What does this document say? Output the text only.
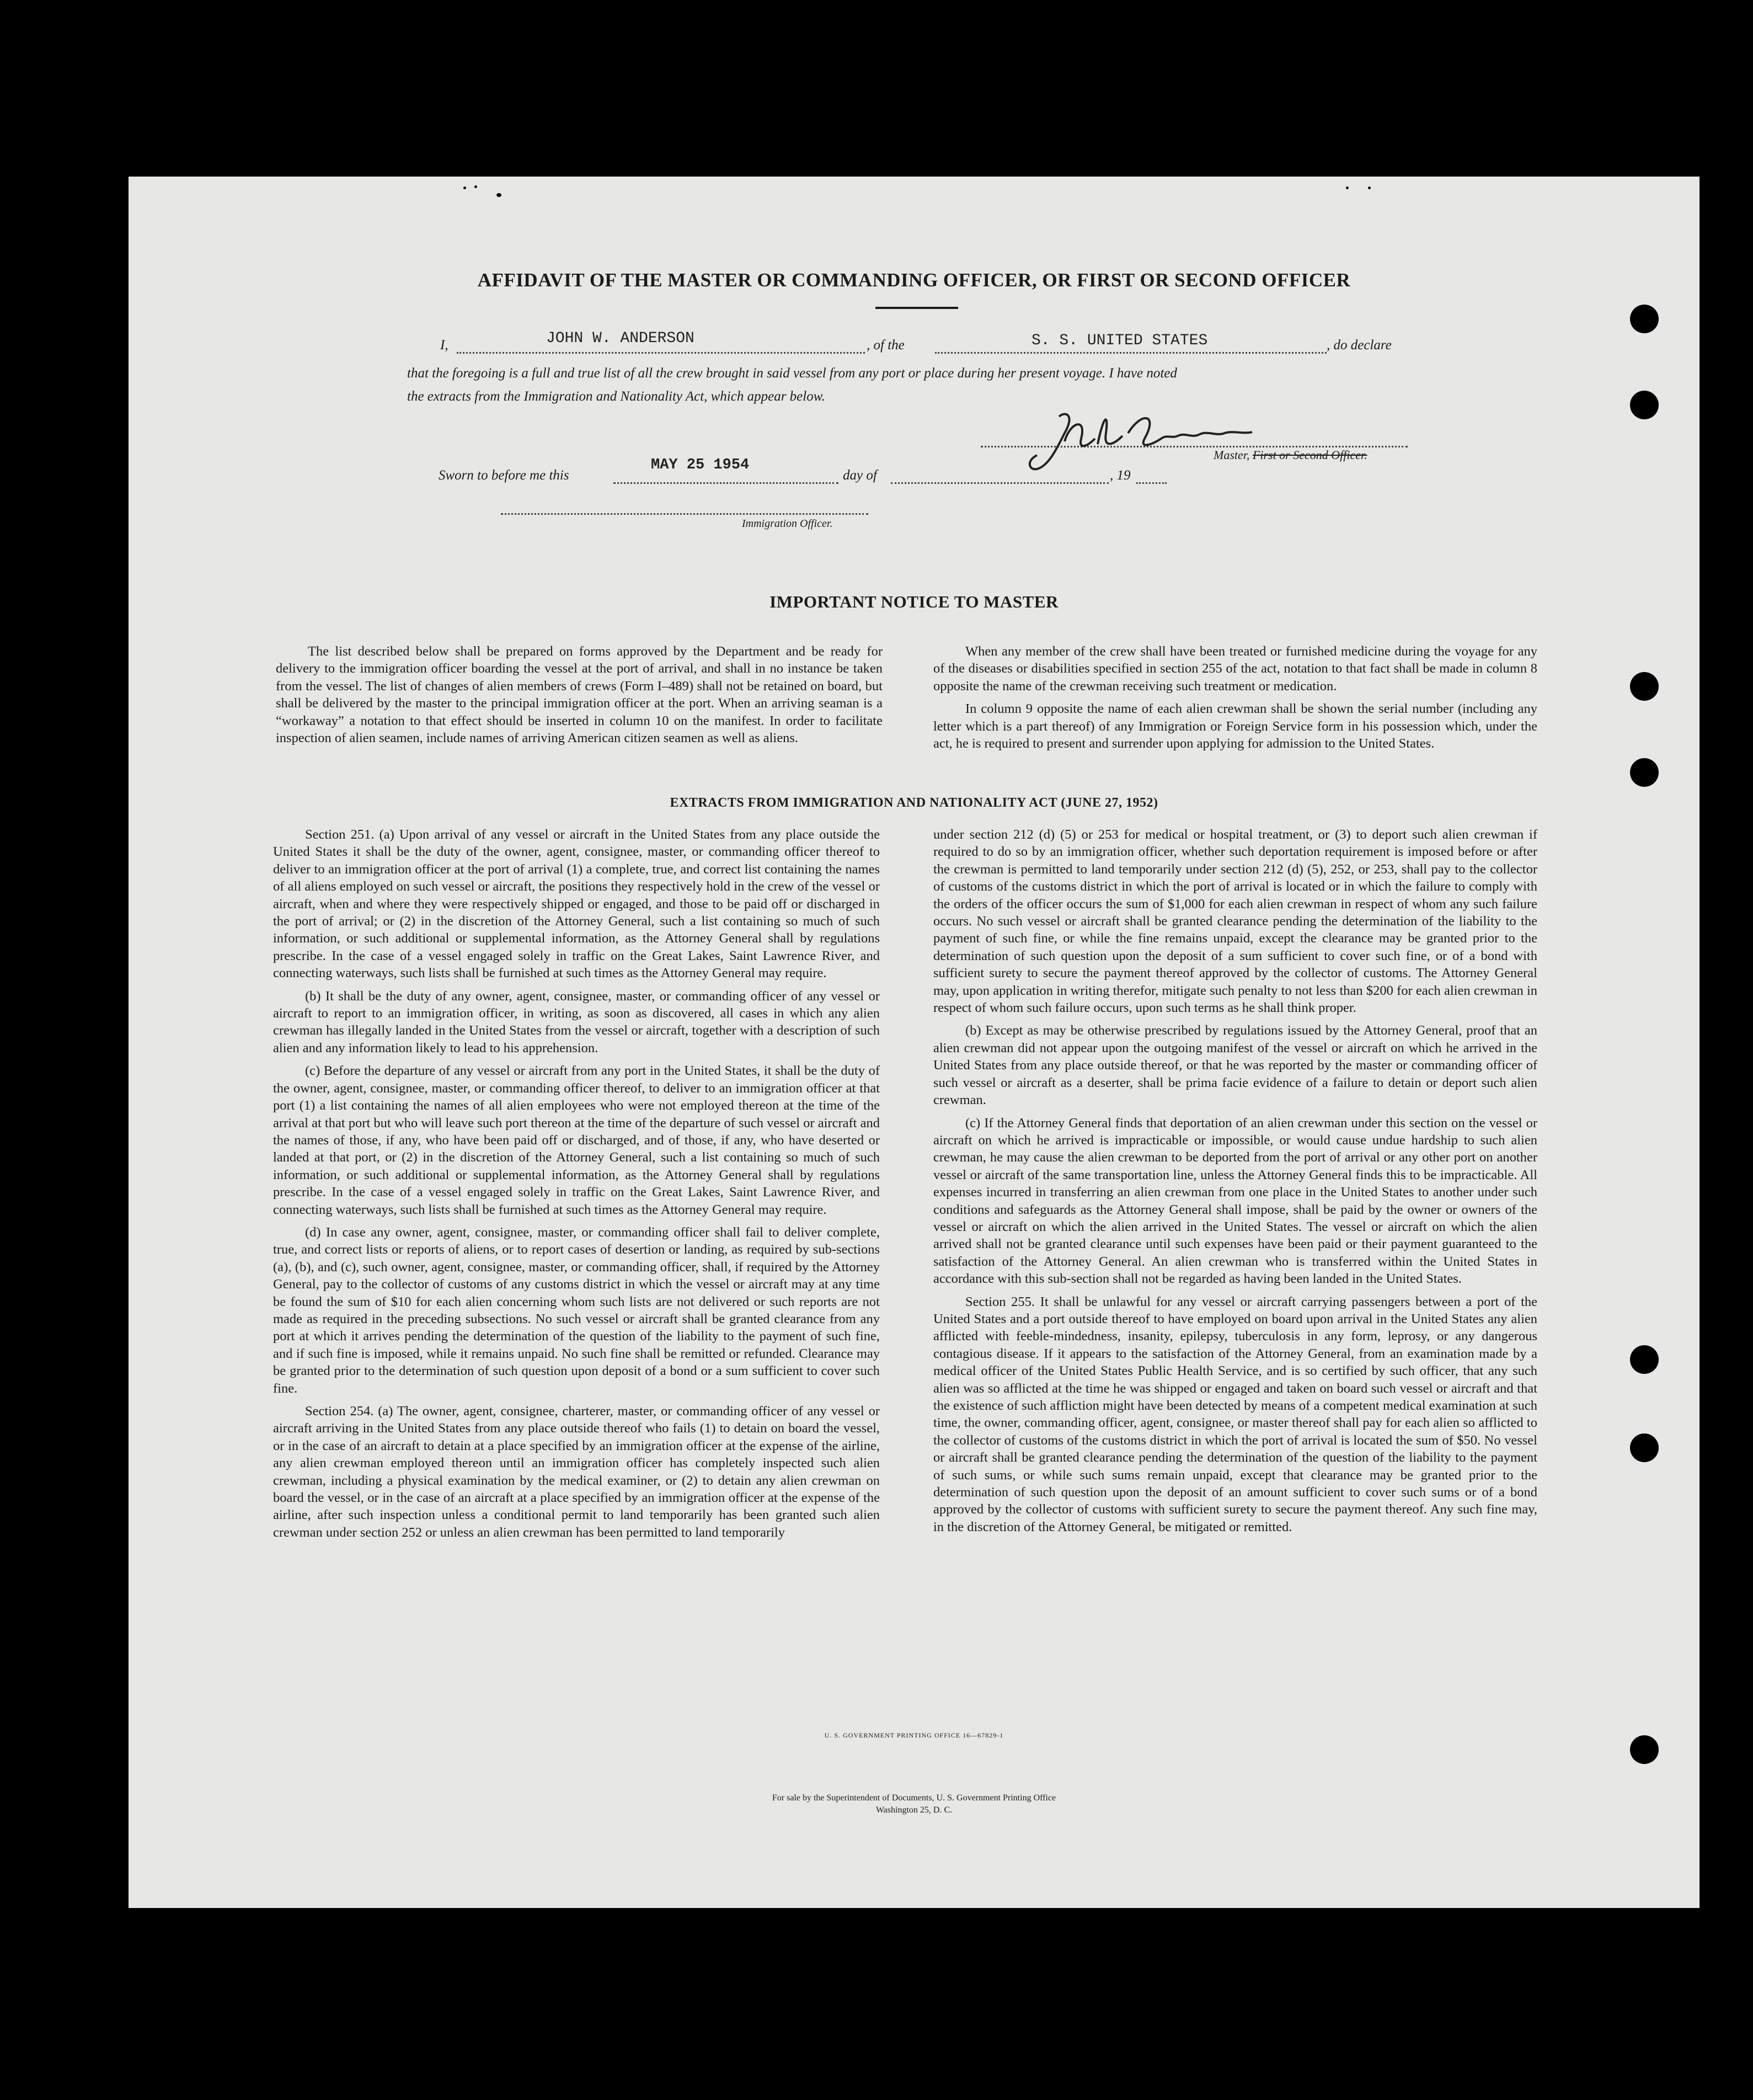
AFFIDAVIT OF THE MASTER OR COMMANDING OFFICER, OR FIRST OR SECOND OFFICER
I,	JOHN W. ANDERSON	, of the	S. S. UNITED STATES	, do declare
that the foregoing is a full and true list of all the crew brought in said vessel from any port or place during her present voyage. I have noted
the extracts from the Immigration and Nationality Act, which appear below.
Master, First or Second Officer.
Sworn to before me this
MAY 25 1954
day of	, 19
Immigration Officer.
IMPORTANT NOTICE TO MASTER

The list described below shall be prepared on forms approved by the Department and be ready for delivery to the immigration officer boarding the vessel at the port of arrival, and shall in no instance be taken from the vessel. The list of changes of alien members of crews (Form I–489) shall not be retained on board, but shall be delivered by the master to the principal immigration officer at the port. When an arriving seaman is a “workaway” a notation to that effect should be inserted in column 10 on the manifest. In order to facilitate inspection of alien seamen, include names of arriving American citizen seamen as well as aliens.

When any member of the crew shall have been treated or furnished medicine during the voyage for any of the diseases or disabilities specified in section 255 of the act, notation to that fact shall be made in column 8 opposite the name of the crewman receiving such treatment or medication.

In column 9 opposite the name of each alien crewman shall be shown the serial number (including any letter which is a part thereof) of any Immigration or Foreign Service form in his possession which, under the act, he is required to present and surrender upon applying for admission to the United States.

EXTRACTS FROM IMMIGRATION AND NATIONALITY ACT (JUNE 27, 1952)

Section 251. (a) Upon arrival of any vessel or aircraft in the United States from any place outside the United States it shall be the duty of the owner, agent, consignee, master, or commanding officer thereof to deliver to an immigration officer at the port of arrival (1) a complete, true, and correct list containing the names of all aliens employed on such vessel or aircraft, the positions they respectively hold in the crew of the vessel or aircraft, when and where they were respectively shipped or engaged, and those to be paid off or discharged in the port of arrival; or (2) in the discretion of the Attorney General, such a list containing so much of such information, or such additional or supplemental information, as the Attorney General shall by regulations prescribe. In the case of a vessel engaged solely in traffic on the Great Lakes, Saint Lawrence River, and connecting waterways, such lists shall be furnished at such times as the Attorney General may require.

(b) It shall be the duty of any owner, agent, consignee, master, or commanding officer of any vessel or aircraft to report to an immigration officer, in writing, as soon as discovered, all cases in which any alien crewman has illegally landed in the United States from the vessel or aircraft, together with a description of such alien and any information likely to lead to his apprehension.

(c) Before the departure of any vessel or aircraft from any port in the United States, it shall be the duty of the owner, agent, consignee, master, or commanding officer thereof, to deliver to an immigration officer at that port (1) a list containing the names of all alien employees who were not employed thereon at the time of the arrival at that port but who will leave such port thereon at the time of the departure of such vessel or aircraft and the names of those, if any, who have been paid off or discharged, and of those, if any, who have deserted or landed at that port, or (2) in the discretion of the Attorney General, such a list containing so much of such information, or such additional or supplemental information, as the Attorney General shall by regulations prescribe. In the case of a vessel engaged solely in traffic on the Great Lakes, Saint Lawrence River, and connecting waterways, such lists shall be furnished at such times as the Attorney General may require.

(d) In case any owner, agent, consignee, master, or commanding officer shall fail to deliver complete, true, and correct lists or reports of aliens, or to report cases of desertion or landing, as required by sub-sections (a), (b), and (c), such owner, agent, consignee, master, or commanding officer, shall, if required by the Attorney General, pay to the collector of customs of any customs district in which the vessel or aircraft may at any time be found the sum of $10 for each alien concerning whom such lists are not delivered or such reports are not made as required in the preceding subsections. No such vessel or aircraft shall be granted clearance from any port at which it arrives pending the determination of the question of the liability to the payment of such fine, and if such fine is imposed, while it remains unpaid. No such fine shall be remitted or refunded. Clearance may be granted prior to the determination of such question upon deposit of a bond or a sum sufficient to cover such fine.

Section 254. (a) The owner, agent, consignee, charterer, master, or commanding officer of any vessel or aircraft arriving in the United States from any place outside thereof who fails (1) to detain on board the vessel, or in the case of an aircraft to detain at a place specified by an immigration officer at the expense of the airline, any alien crewman employed thereon until an immigration officer has completely inspected such alien crewman, including a physical examination by the medical examiner, or (2) to detain any alien crewman on board the vessel, or in the case of an aircraft at a place specified by an immigration officer at the expense of the airline, after such inspection unless a conditional permit to land temporarily has been granted such alien crewman under section 252 or unless an alien crewman has been permitted to land temporarily

under section 212 (d) (5) or 253 for medical or hospital treatment, or (3) to deport such alien crewman if required to do so by an immigration officer, whether such deportation requirement is imposed before or after the crewman is permitted to land temporarily under section 212 (d) (5), 252, or 253, shall pay to the collector of customs of the customs district in which the port of arrival is located or in which the failure to comply with the orders of the officer occurs the sum of $1,000 for each alien crewman in respect of whom any such failure occurs. No such vessel or aircraft shall be granted clearance pending the determination of the liability to the payment of such fine, or while the fine remains unpaid, except the clearance may be granted prior to the determination of such question upon the deposit of a sum sufficient to cover such fine, or of a bond with sufficient surety to secure the payment thereof approved by the collector of customs. The Attorney General may, upon application in writing therefor, mitigate such penalty to not less than $200 for each alien crewman in respect of whom such failure occurs, upon such terms as he shall think proper.

(b) Except as may be otherwise prescribed by regulations issued by the Attorney General, proof that an alien crewman did not appear upon the outgoing manifest of the vessel or aircraft on which he arrived in the United States from any place outside thereof, or that he was reported by the master or commanding officer of such vessel or aircraft as a deserter, shall be prima facie evidence of a failure to detain or deport such alien crewman.

(c) If the Attorney General finds that deportation of an alien crewman under this section on the vessel or aircraft on which he arrived is impracticable or impossible, or would cause undue hardship to such alien crewman, he may cause the alien crewman to be deported from the port of arrival or any other port on another vessel or aircraft of the same transportation line, unless the Attorney General finds this to be impracticable. All expenses incurred in transferring an alien crewman from one place in the United States to another under such conditions and safeguards as the Attorney General shall impose, shall be paid by the owner or owners of the vessel or aircraft on which the alien arrived in the United States. The vessel or aircraft on which the alien arrived shall not be granted clearance until such expenses have been paid or their payment guaranteed to the satisfaction of the Attorney General. An alien crewman who is transferred within the United States in accordance with this sub-section shall not be regarded as having been landed in the United States.

Section 255. It shall be unlawful for any vessel or aircraft carrying passengers between a port of the United States and a port outside thereof to have employed on board upon arrival in the United States any alien afflicted with feeble-mindedness, insanity, epilepsy, tuberculosis in any form, leprosy, or any dangerous contagious disease. If it appears to the satisfaction of the Attorney General, from an examination made by a medical officer of the United States Public Health Service, and is so certified by such officer, that any such alien was so afflicted at the time he was shipped or engaged and taken on board such vessel or aircraft and that the existence of such affliction might have been detected by means of a competent medical examination at such time, the owner, commanding officer, agent, consignee, or master thereof shall pay for each alien so afflicted to the collector of customs of the customs district in which the port of arrival is located the sum of $50. No vessel or aircraft shall be granted clearance pending the determination of the question of the liability to the payment of such sums, or while such sums remain unpaid, except that clearance may be granted prior to the determination of such question upon the deposit of an amount sufficient to cover such sums or of a bond approved by the collector of customs with sufficient surety to secure the payment thereof. Any such fine may, in the discretion of the Attorney General, be mitigated or remitted.

U. S. GOVERNMENT PRINTING OFFICE 16—67829-1
For sale by the Superintendent of Documents, U. S. Government Printing Office
Washington 25, D. C.
